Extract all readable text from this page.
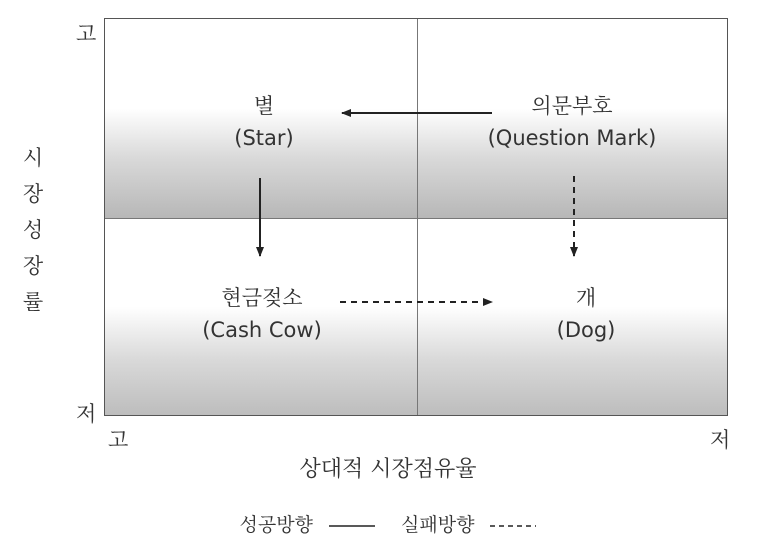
별
(Star)
의문부호
(Question Mark)
현금젖소
(Cash Cow)
개
(Dog)
고
저
고	저
시
장
성
장
률
상대적 시장점유율
성공방향	실패방향
